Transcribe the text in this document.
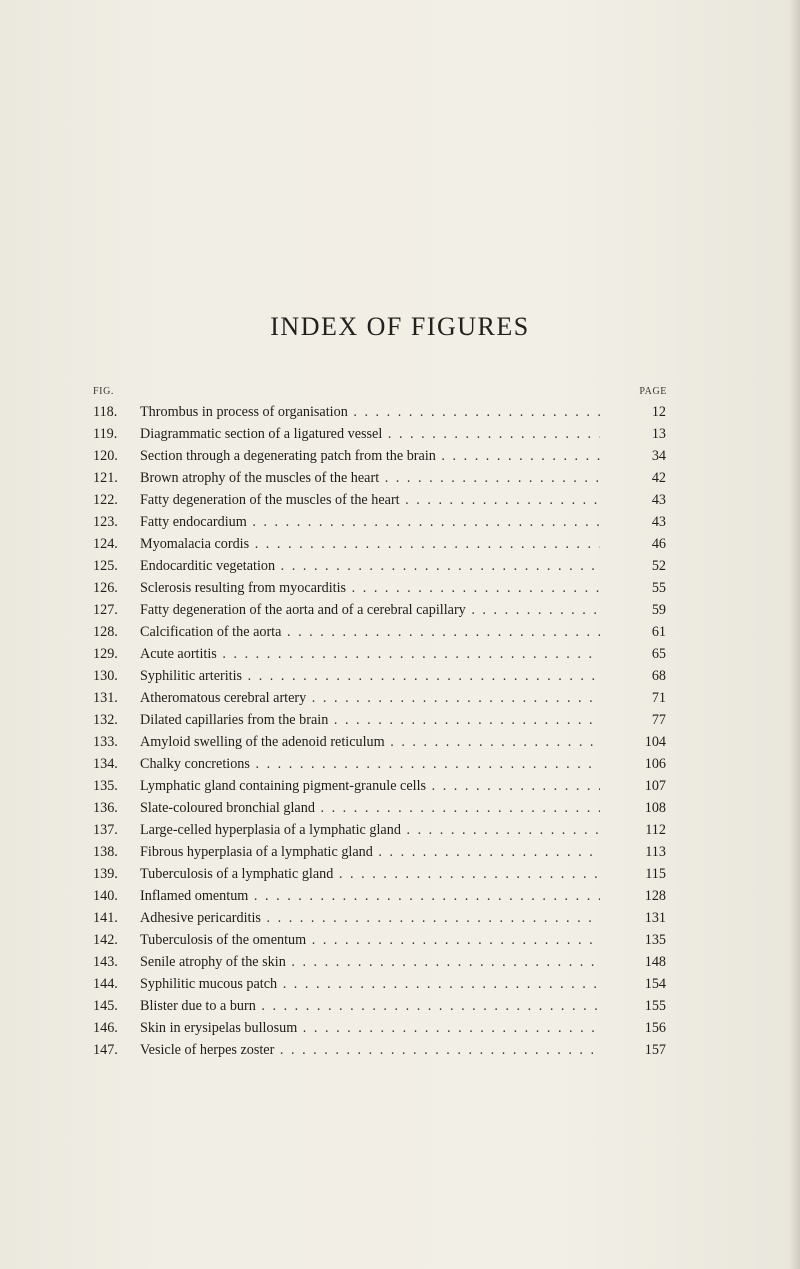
INDEX OF FIGURES
FIG.	PAGE
118.	Thrombus in process of organisation . .	12
119.	Diagrammatic section of a ligatured vessel . .	13
120.	Section through a degenerating patch from the brain . .	34
121.	Brown atrophy of the muscles of the heart . .	42
122.	Fatty degeneration of the muscles of the heart . .	43
123.	Fatty endocardium . .	43
124.	Myomalacia cordis . .	46
125.	Endocarditic vegetation . .	52
126.	Sclerosis resulting from myocarditis . .	55
127.	Fatty degeneration of the aorta and of a cerebral capillary . .	59
128.	Calcification of the aorta . .	61
129.	Acute aortitis . .	65
130.	Syphilitic arteritis . .	68
131.	Atheromatous cerebral artery . .	71
132.	Dilated capillaries from the brain . .	77
133.	Amyloid swelling of the adenoid reticulum . .	104
134.	Chalky concretions . .	106
135.	Lymphatic gland containing pigment-granule cells . .	107
136.	Slate-coloured bronchial gland . .	108
137.	Large-celled hyperplasia of a lymphatic gland . .	112
138.	Fibrous hyperplasia of a lymphatic gland . .	113
139.	Tuberculosis of a lymphatic gland . .	115
140.	Inflamed omentum . .	128
141.	Adhesive pericarditis . .	131
142.	Tuberculosis of the omentum . .	135
143.	Senile atrophy of the skin . .	148
144.	Syphilitic mucous patch . .	154
145.	Blister due to a burn . .	155
146.	Skin in erysipelas bullosum . .	156
147.	Vesicle of herpes zoster . .	157
